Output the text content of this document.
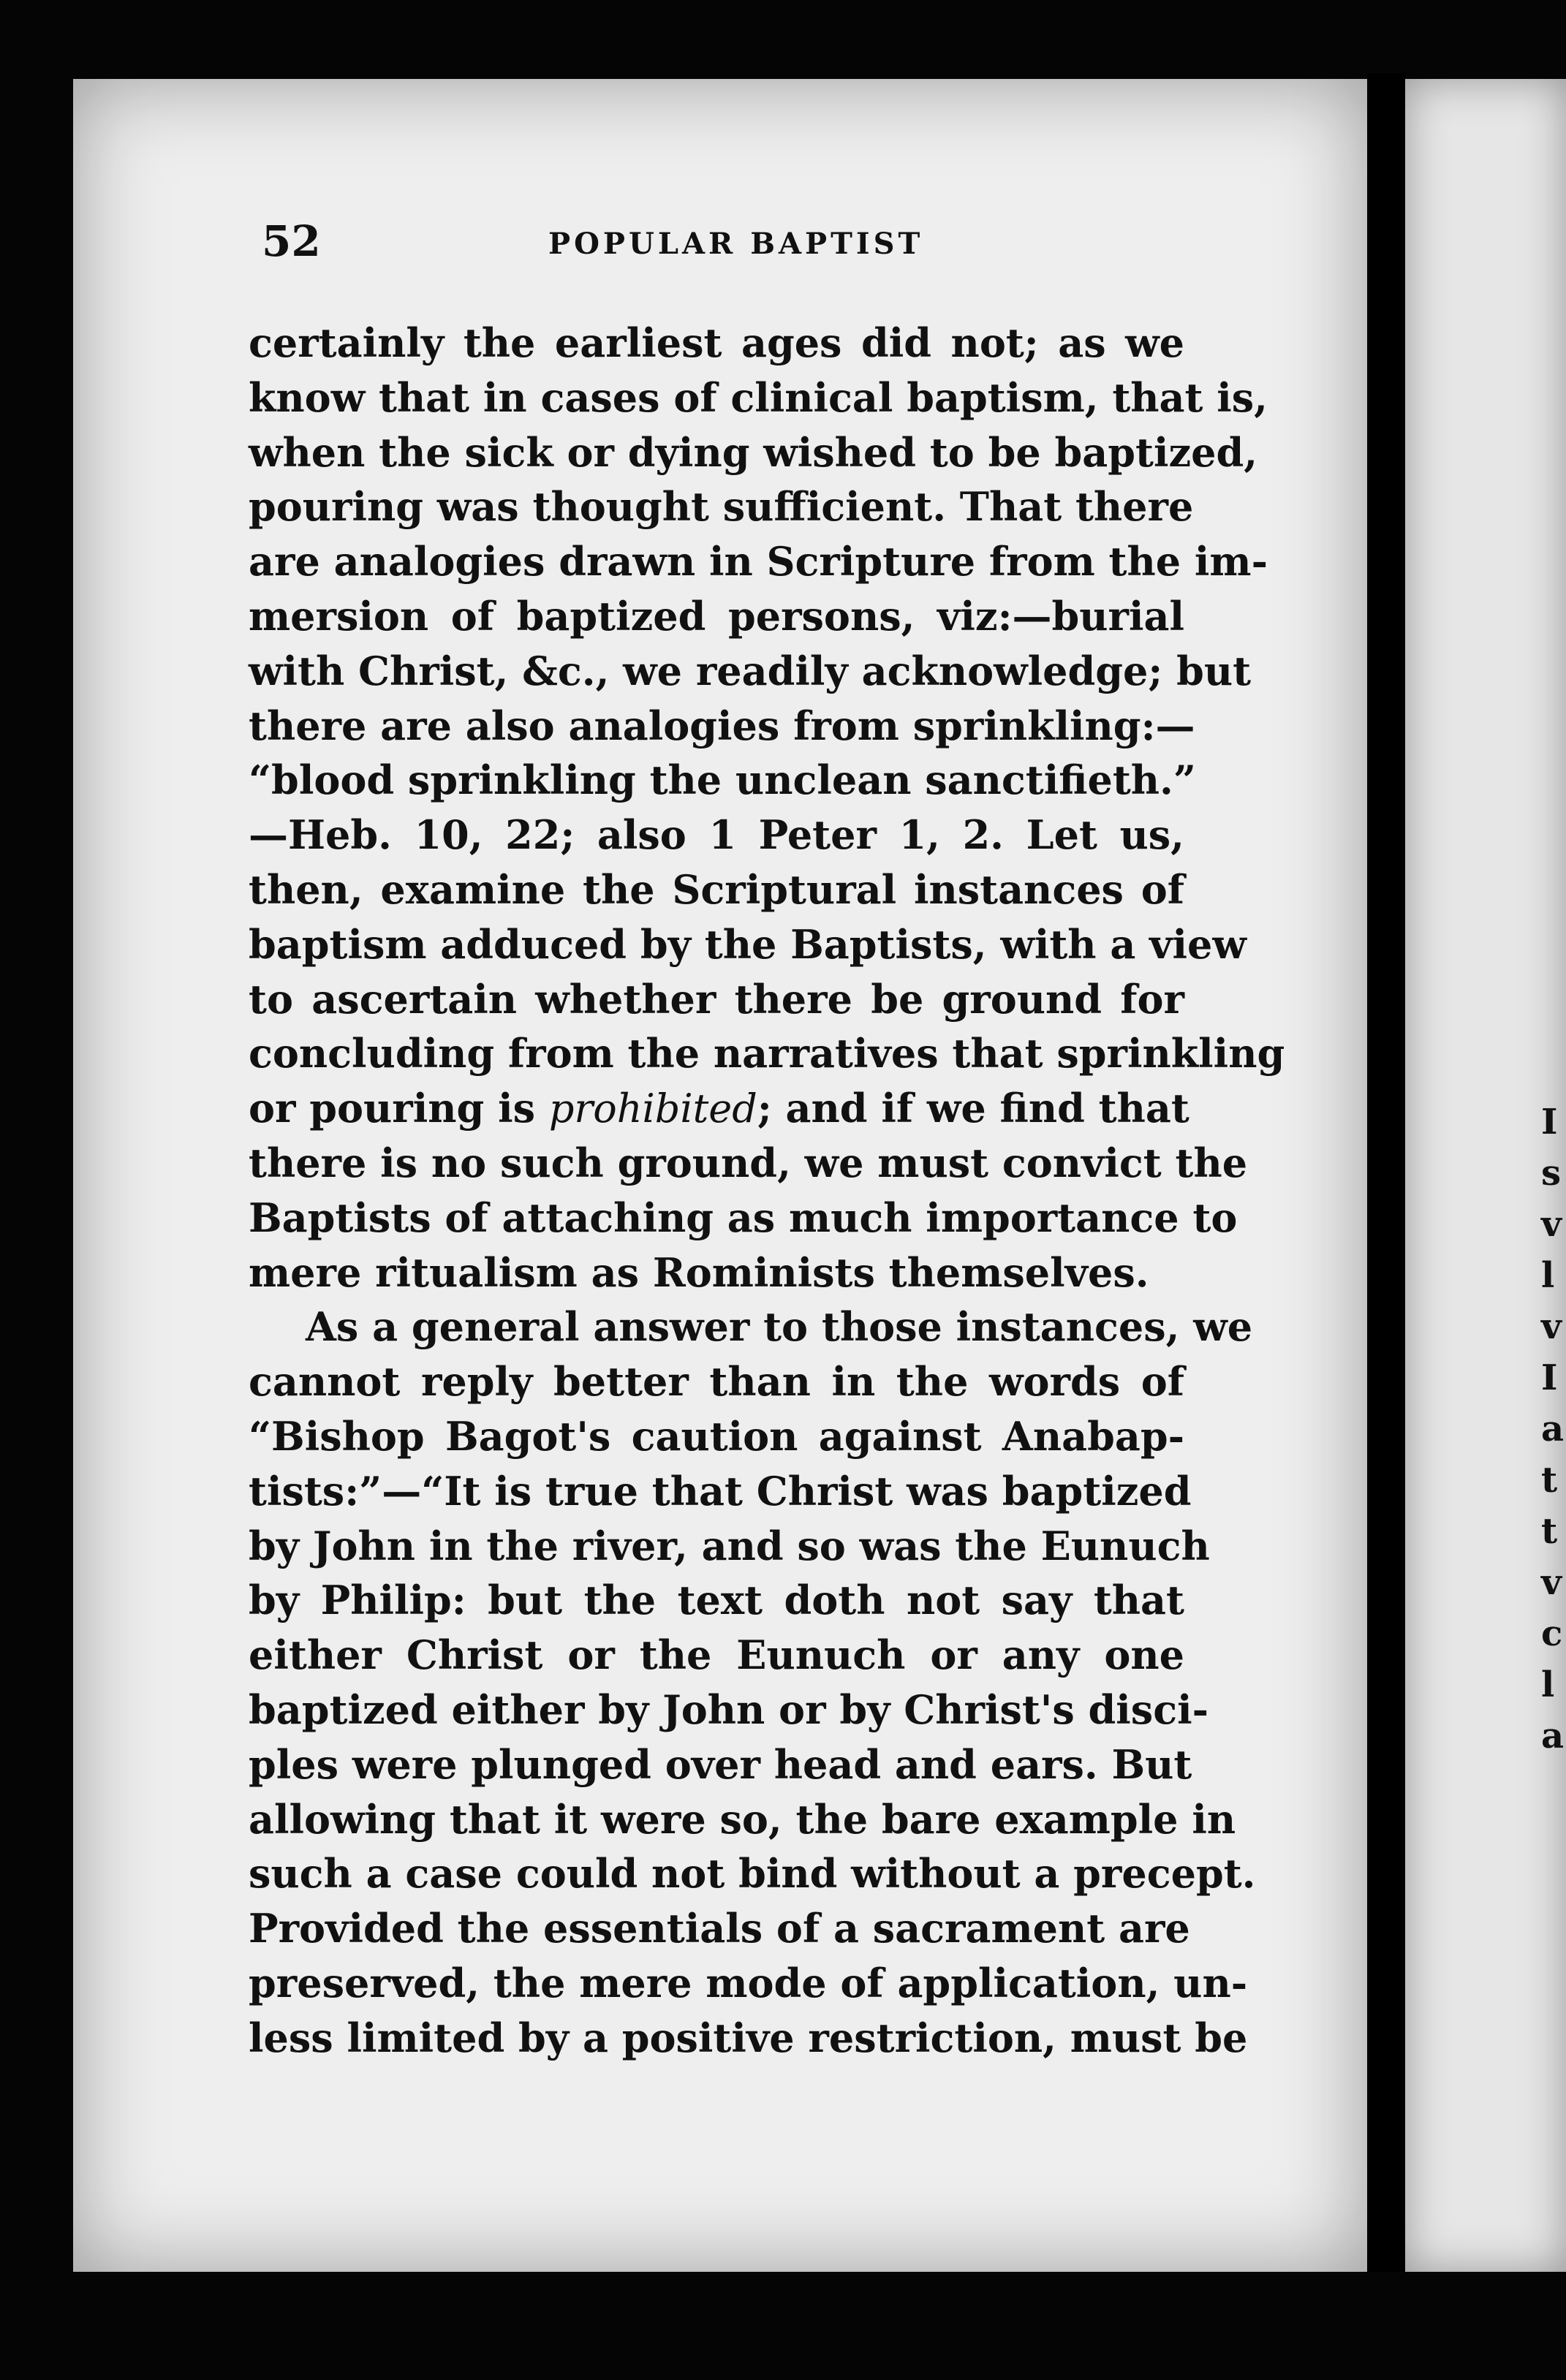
52	POPULAR BAPTIST
certainly the earliest ages did not; as we
know that in cases of clinical baptism, that is,
when the sick or dying wished to be baptized,
pouring was thought sufficient. That there
are analogies drawn in Scripture from the im-
mersion of baptized persons, viz:—burial
with Christ, &c., we readily acknowledge; but
there are also analogies from sprinkling:—
“blood sprinkling the unclean sanctifieth.”
—Heb. 10, 22; also 1 Peter 1, 2. Let us,
then, examine the Scriptural instances of
baptism adduced by the Baptists, with a view
to ascertain whether there be ground for
concluding from the narratives that sprinkling
or pouring is prohibited; and if we find that
there is no such ground, we must convict the
Baptists of attaching as much importance to
mere ritualism as Rominists themselves.
As a general answer to those instances, we
cannot reply better than in the words of
“Bishop Bagot's caution against Anabap-
tists:”—“It is true that Christ was baptized
by John in the river, and so was the Eunuch
by Philip: but the text doth not say that
either Christ or the Eunuch or any one
baptized either by John or by Christ's disci-
ples were plunged over head and ears. But
allowing that it were so, the bare example in
such a case could not bind without a precept.
Provided the essentials of a sacrament are
preserved, the mere mode of application, un-
less limited by a positive restriction, must be
I
s
v
l
v
I
a
t
t
v
c
l
a
